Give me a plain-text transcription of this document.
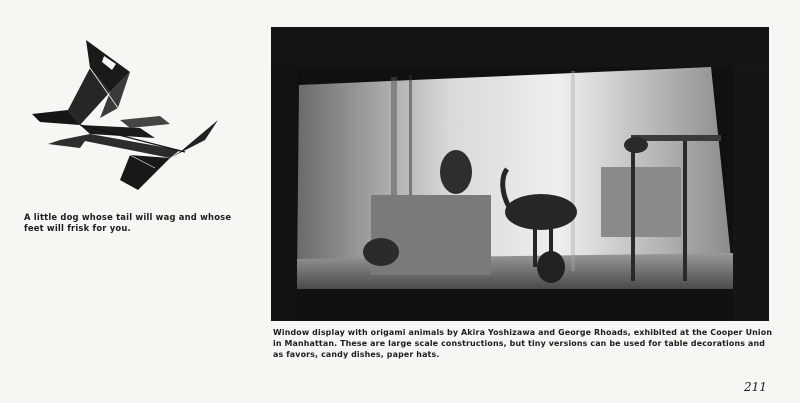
A little dog whose tail will wag and whose feet will frisk for you.
Window display with origami animals by Akira Yoshizawa and George Rhoads, exhibited at the Cooper Union in Manhattan. These are large scale constructions, but tiny versions can be used for table decorations and as favors, candy dishes, paper hats.
211
